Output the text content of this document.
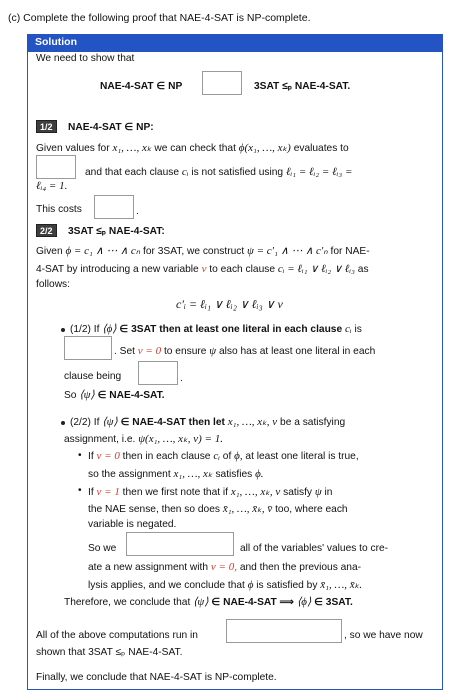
(c) Complete the following proof that NAE-4-SAT is NP-complete.
Solution
We need to show that
NAE-4-SAT ∈ NP	3SAT ≤ₚ NAE-4-SAT.
1/2	NAE-4-SAT ∈ NP:
Given values for x₁, …, xₖ we can check that ϕ(x₁, …, xₖ) evaluates to
and that each clause cᵢ is not satisfied using ℓᵢ₁ = ℓᵢ₂ = ℓᵢ₃ =
ℓᵢ₄ = 1.
This costs	.
2/2	3SAT ≤ₚ NAE-4-SAT:
Given ϕ = c₁ ∧ ⋯ ∧ cₙ for 3SAT, we construct ψ = c′₁ ∧ ⋯ ∧ c′ₙ for NAE-
4-SAT by introducing a new variable v to each clause cᵢ = ℓᵢ₁ ∨ ℓᵢ₂ ∨ ℓᵢ₃ as
follows:
c′ᵢ = ℓᵢ₁ ∨ ℓᵢ₂ ∨ ℓᵢ₃ ∨ v
(1/2) If ⟨ϕ⟩ ∈ 3SAT then at least one literal in each clause cᵢ is
. Set v = 0 to ensure ψ also has at least one literal in each
clause being	.
So ⟨ψ⟩ ∈ NAE-4-SAT.
(2/2) If ⟨ψ⟩ ∈ NAE-4-SAT then let x₁, …, xₖ, v be a satisfying
assignment, i.e. ψ(x₁, …, xₖ, v) = 1.
• If v = 0 then in each clause cᵢ of ϕ, at least one literal is true,
so the assignment x₁, …, xₖ satisfies ϕ.
• If v = 1 then we first note that if x₁, …, xₖ, v satisfy ψ in
the NAE sense, then so does x̄₁, …, x̄ₖ, v̄ too, where each
variable is negated.
So we	all of the variables' values to cre-
ate a new assignment with v = 0, and then the previous ana-
lysis applies, and we conclude that ϕ is satisfied by x̄₁, …, x̄ₖ.
Therefore, we conclude that ⟨ψ⟩ ∈ NAE-4-SAT ⟹ ⟨ϕ⟩ ∈ 3SAT.
All of the above computations run in	, so we have now
shown that 3SAT ≤ₚ NAE-4-SAT.
Finally, we conclude that NAE-4-SAT is NP-complete.
